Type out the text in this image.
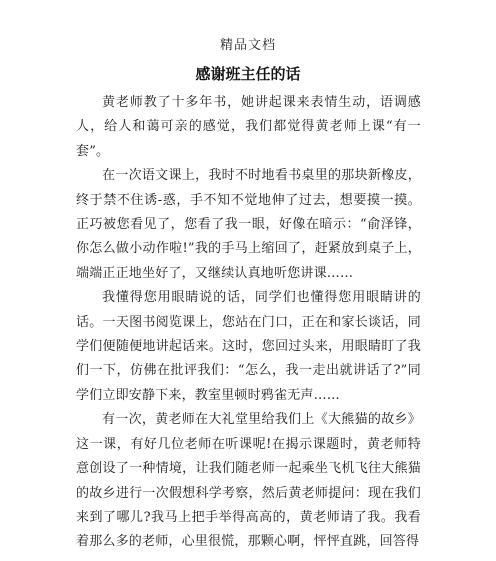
精品文档
感谢班主任的话

黄老师教了十多年书，她讲起课来表情生动，语调感人，给人和蔼可亲的感觉，我们都觉得黄老师上课“有一套”。

在一次语文课上，我时不时地看书桌里的那块新橡皮，终于禁不住诱-惑，手不知不觉地伸了过去，想要摸一摸。正巧被您看见了，您看了我一眼，好像在暗示：“俞泽锋，你怎么做小动作啦!”我的手马上缩回了，赶紧放到桌子上，端端正正地坐好了，又继续认真地听您讲课……

我懂得您用眼睛说的话，同学们也懂得您用眼睛讲的话。一天图书阅览课上，您站在门口，正在和家长谈话，同学们便随便地讲起话来。这时，您回过头来，用眼睛盯了我们一下，仿佛在批评我们：“怎么，我一走出就讲话了?”同学们立即安静下来，教室里顿时鸦雀无声……

有一次，黄老师在大礼堂里给我们上《大熊猫的故乡》这一课，有好几位老师在听课呢!在揭示课题时，黄老师特意创设了一种情境，让我们随老师一起乘坐飞机飞往大熊猫的故乡进行一次假想科学考察，然后黄老师提问：现在我们来到了哪儿?我马上把手举得高高的，黄老师请了我。我看着那么多的老师，心里很慌，那颗心啊，怦怦直跳，回答得
